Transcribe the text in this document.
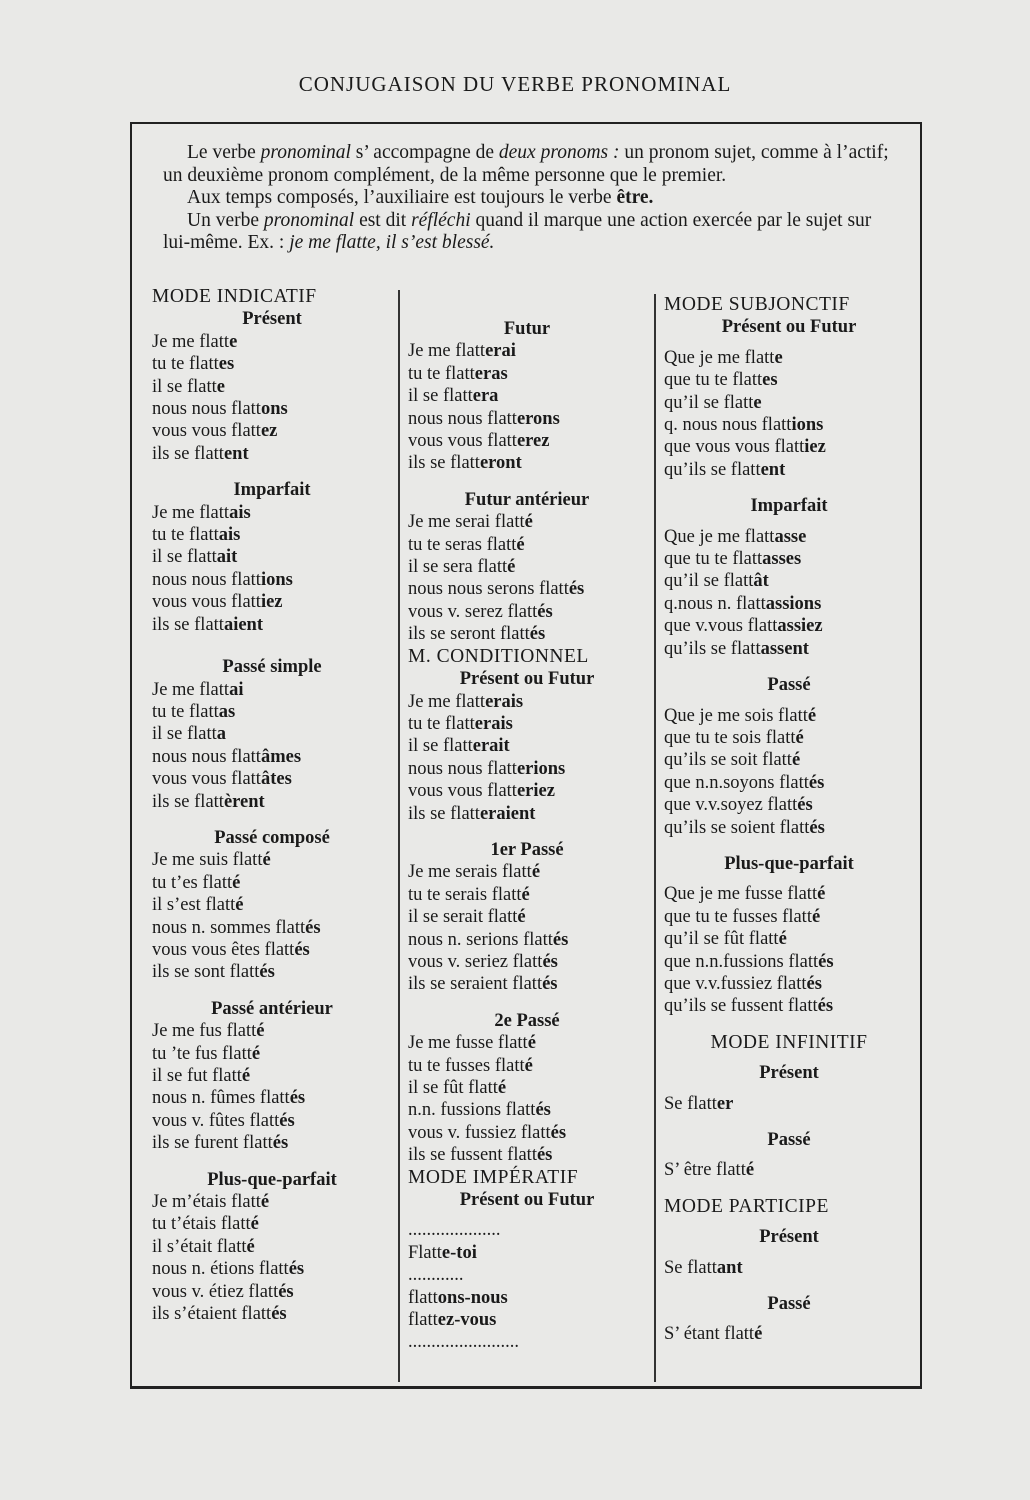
CONJUGAISON DU VERBE PRONOMINAL

Le verbe pronominal s’ accompagne de deux pronoms : un pronom sujet, comme à l’actif; un deuxième pronom complément, de la même personne que le premier.

Aux temps composés, l’auxiliaire est toujours le verbe être.

Un verbe pronominal est dit réfléchi quand il marque une action exercée par le sujet sur lui-même. Ex. : je me flatte, il s’est blessé.

MODE INDICATIF

Présent

Je me flatte

tu te flattes

il se flatte

nous nous flattons

vous vous flattez

ils se flattent

Imparfait

Je me flattais

tu te flattais

il se flattait

nous nous flattions

vous vous flattiez

ils se flattaient

Passé simple

Je me flattai

tu te flattas

il se flatta

nous nous flattâmes

vous vous flattâtes

ils se flattèrent

Passé composé

Je me suis flatté

tu t’es flatté

il s’est flatté

nous n. sommes flattés

vous vous êtes flattés

ils se sont flattés

Passé antérieur

Je me fus flatté

tu ’te fus flatté

il se fut flatté

nous n. fûmes flattés

vous v. fûtes flattés

ils se furent flattés

Plus-que-parfait

Je m’étais flatté

tu t’étais flatté

il s’était flatté

nous n. étions flattés

vous v. étiez flattés

ils s’étaient flattés

Futur

Je me flatterai

tu te flatteras

il se flattera

nous nous flatterons

vous vous flatterez

ils se flatteront

Futur antérieur

Je me serai flatté

tu te seras flatté

il se sera flatté

nous nous serons flattés

vous v. serez flattés

ils se seront flattés

M. CONDITIONNEL

Présent ou Futur

Je me flatterais

tu te flatterais

il se flatterait

nous nous flatterions

vous vous flatteriez

ils se flatteraient

1er Passé

Je me serais flatté

tu te serais flatté

il se serait flatté

nous n. serions flattés

vous v. seriez flattés

ils se seraient flattés

2e Passé

Je me fusse flatté

tu te fusses flatté

il se fût flatté

n.n. fussions flattés

vous v. fussiez flattés

ils se fussent flattés

MODE IMPÉRATIF

Présent ou Futur

....................

Flatte-toi

............

flattons-nous

flattez-vous

........................

MODE SUBJONCTIF

Présent ou Futur

Que je me flatte

que tu te flattes

qu’il se flatte

q. nous nous flattions

que vous vous flattiez

qu’ils se flattent

Imparfait

Que je me flattasse

que tu te flattasses

qu’il se flattât

q.nous n. flattassions

que v.vous flattassiez

qu’ils se flattassent

Passé

Que je me sois flatté

que tu te sois flatté

qu’ils se soit flatté

que n.n.soyons flattés

que v.v.soyez flattés

qu’ils se soient flattés

Plus-que-parfait

Que je me fusse flatté

que tu te fusses flatté

qu’il se fût flatté

que n.n.fussions flattés

que v.v.fussiez flattés

qu’ils se fussent flattés

MODE INFINITIF

Présent

Se flatter

Passé

S’ être flatté

MODE PARTICIPE

Présent

Se flattant

Passé

S’ étant flatté
